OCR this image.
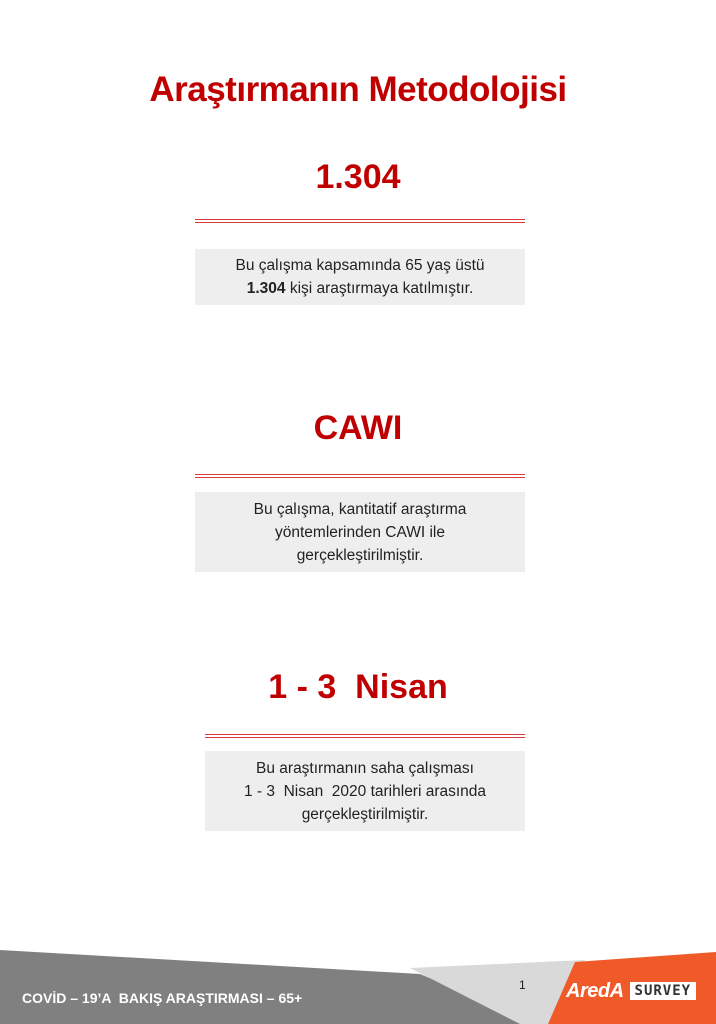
Araştırmanın Metodolojisi
1.304
Bu çalışma kapsamında 65 yaş üstü
1.304 kişi araştırmaya katılmıştır.
CAWI
Bu çalışma, kantitatif araştırma
yöntemlerinden CAWI ile
gerçekleştirilmiştir.
1 - 3  Nisan
Bu araştırmanın saha çalışması
1 - 3  Nisan  2020 tarihleri arasında
gerçekleştirilmiştir.
COVİD – 19’A  BAKIŞ ARAŞTIRMASI – 65+
1 AredA SURVEY
